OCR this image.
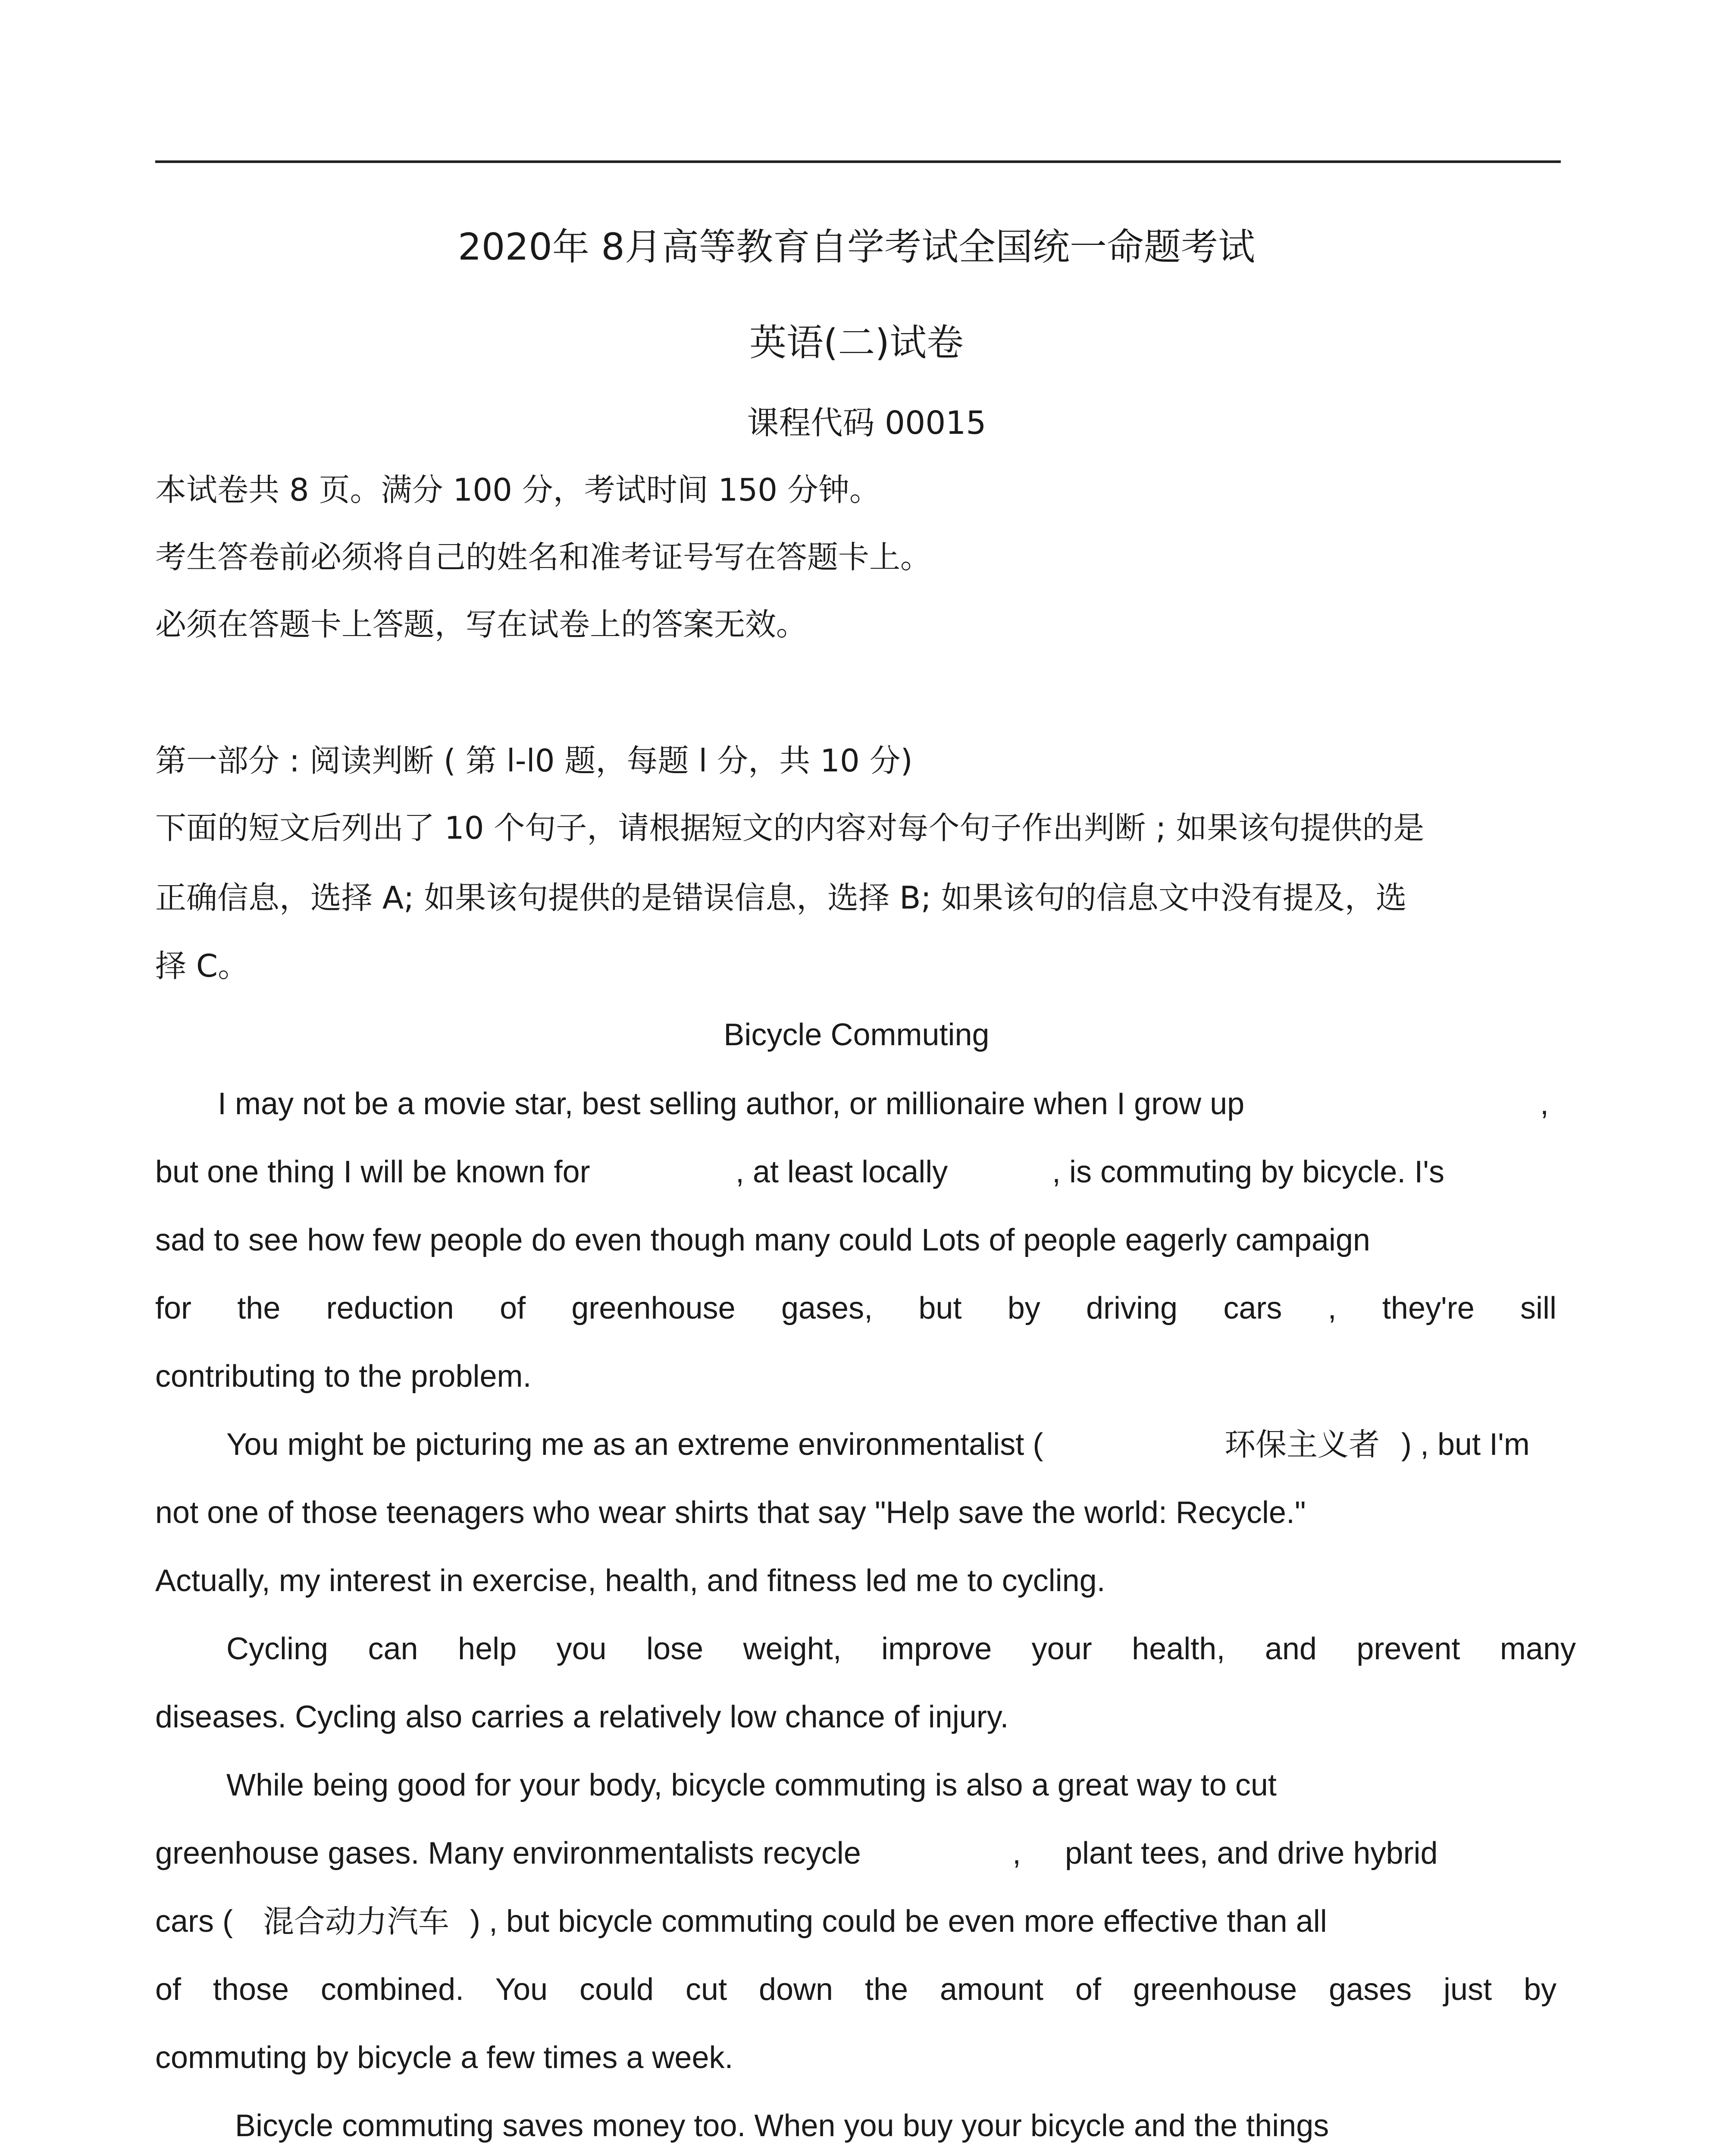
2020年 8月高等教育自学考试全国统一命题考试
英语(二)试卷
课程代码 00015
本试卷共 8 页。满分 100 分，考试时间 150 分钟。
考生答卷前必须将自己的姓名和准考证号写在答题卡上。
必须在答题卡上答题，写在试卷上的答案无效。
第一部分 : 阅读判断 ( 第 l-l0 题，每题 l 分，共 10 分)
下面的短文后列出了 10 个句子，请根据短文的内容对每个句子作出判断 ; 如果该句提供的是
正确信息，选择 A; 如果该句提供的是错误信息，选择 B; 如果该句的信息文中没有提及，选
择 C。
Bicycle Commuting
I may not be a movie star, best selling author, or millionaire when I grow up	,
but one thing I will be known for	, at least locally	, is commuting by bicycle. I's
sad to see how few people do even though many could Lots of people eagerly campaign
for the reduction of greenhouse gases, but by driving cars , they're sill
contributing to the problem.
You might be picturing me as an extreme environmentalist (	环保主义者 ) , but I'm
not one of those teenagers who wear shirts that say "Help save the world: Recycle."
Actually, my interest in exercise, health, and fitness led me to cycling.
Cycling can help you lose weight, improve your health, and prevent many
diseases. Cycling also carries a relatively low chance of injury.
While being good for your body, bicycle commuting is also a great way to cut
greenhouse gases. Many environmentalists recycle	, plant tees, and drive hybrid
cars ( 混合动力汽车 ) , but bicycle commuting could be even more effective than all
of those combined. You could cut down the amount of greenhouse gases just by
commuting by bicycle a few times a week.
Bicycle commuting saves money too. When you buy your bicycle and the things
